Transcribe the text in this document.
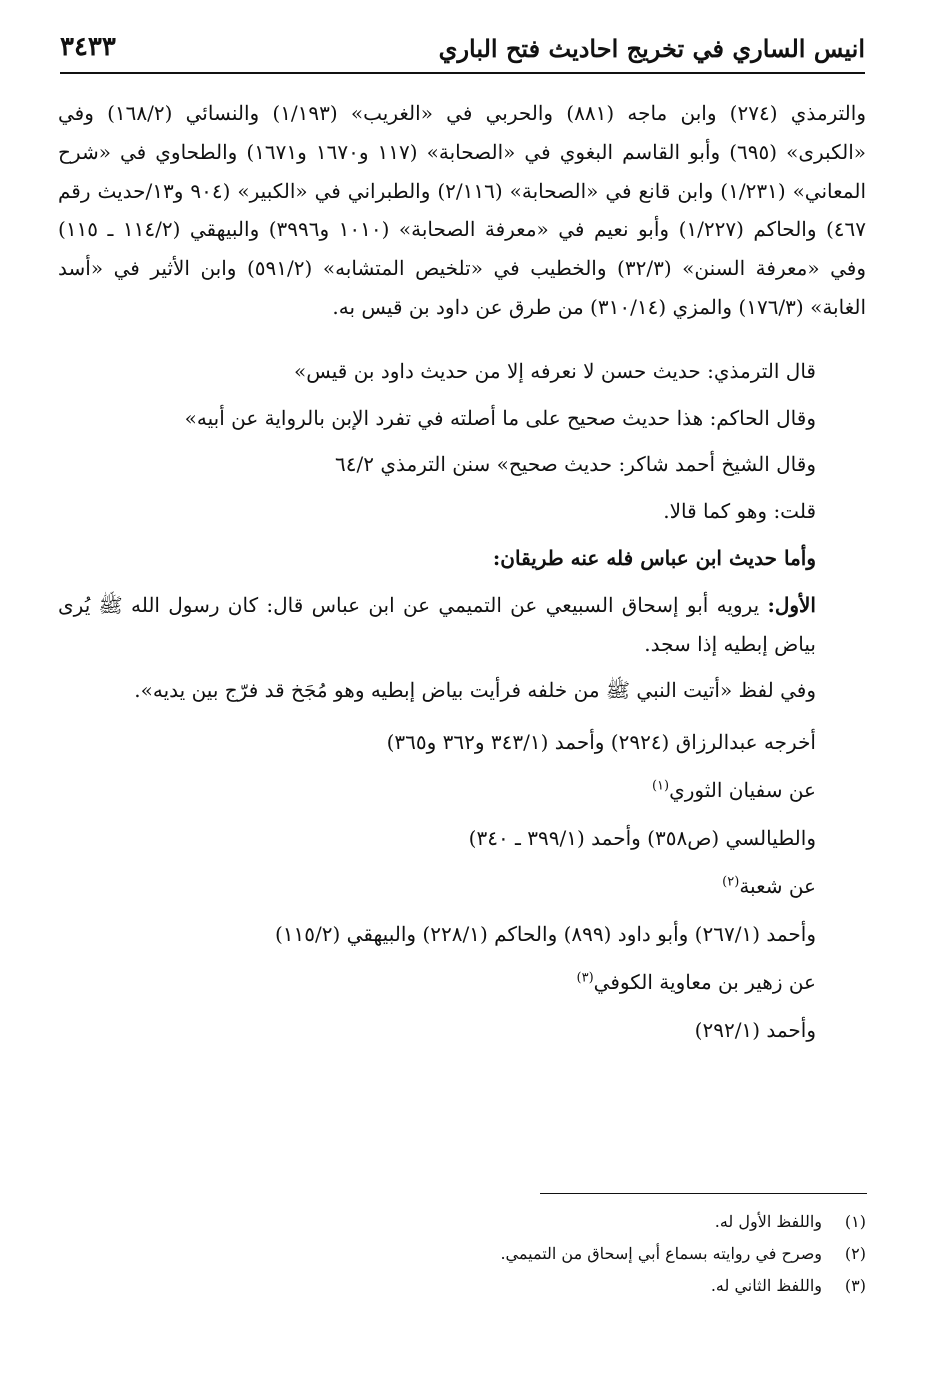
انيس الساري في تخريج احاديث فتح الباري
٣٤٣٣

والترمذي (٢٧٤) وابن ماجه (٨٨١) والحربي في «الغريب» (١/١٩٣) والنسائي (١٦٨/٢) وفي «الكبرى» (٦٩٥) وأبو القاسم البغوي في «الصحابة» (١١٧ و١٦٧٠ و١٦٧١) والطحاوي في «شرح المعاني» (١/٢٣١) وابن قانع في «الصحابة» (٢/١١٦) والطبراني في «الكبير» (٩٠٤ و١٣/حديث رقم ٤٦٧) والحاكم (١/٢٢٧) وأبو نعيم في «معرفة الصحابة» (١٠١٠ و٣٩٩٦) والبيهقي (١١٤/٢ ـ ١١٥) وفي «معرفة السنن» (٣٢/٣) والخطيب في «تلخيص المتشابه» (٥٩١/٢) وابن الأثير في «أسد الغابة» (١٧٦/٣) والمزي (٣١٠/١٤) من طرق عن داود بن قيس به.

قال الترمذي: حديث حسن لا نعرفه إلا من حديث داود بن قيس»

وقال الحاكم: هذا حديث صحيح على ما أصلته في تفرد الإبن بالرواية عن أبيه»

وقال الشيخ أحمد شاكر: حديث صحيح» سنن الترمذي ٦٤/٢

قلت: وهو كما قالا.

وأما حديث ابن عباس فله عنه طريقان:

الأول: يرويه أبو إسحاق السبيعي عن التميمي عن ابن عباس قال: كان رسول الله ﷺ يُرى بياض إبطيه إذا سجد.

وفي لفظ «أتيت النبي ﷺ من خلفه فرأيت بياض إبطيه وهو مُجَخ قد فرّج بين يديه».

أخرجه عبدالرزاق (٢٩٢٤) وأحمد (٣٤٣/١ و٣٦٢ و٣٦٥)

عن سفيان الثوري$^{(١)}$

والطيالسي (ص٣٥٨) وأحمد (٣٩٩/١ ـ ٣٤٠)

عن شعبة$^{(٢)}$

وأحمد (٢٦٧/١) وأبو داود (٨٩٩) والحاكم (٢٢٨/١) والبيهقي (١١٥/٢)

عن زهير بن معاوية الكوفي$^{(٣)}$

وأحمد (٢٩٢/١)

(١)واللفظ الأول له.
(٢)وصرح في روايته بسماع أبي إسحاق من التميمي.
(٣)واللفظ الثاني له.
